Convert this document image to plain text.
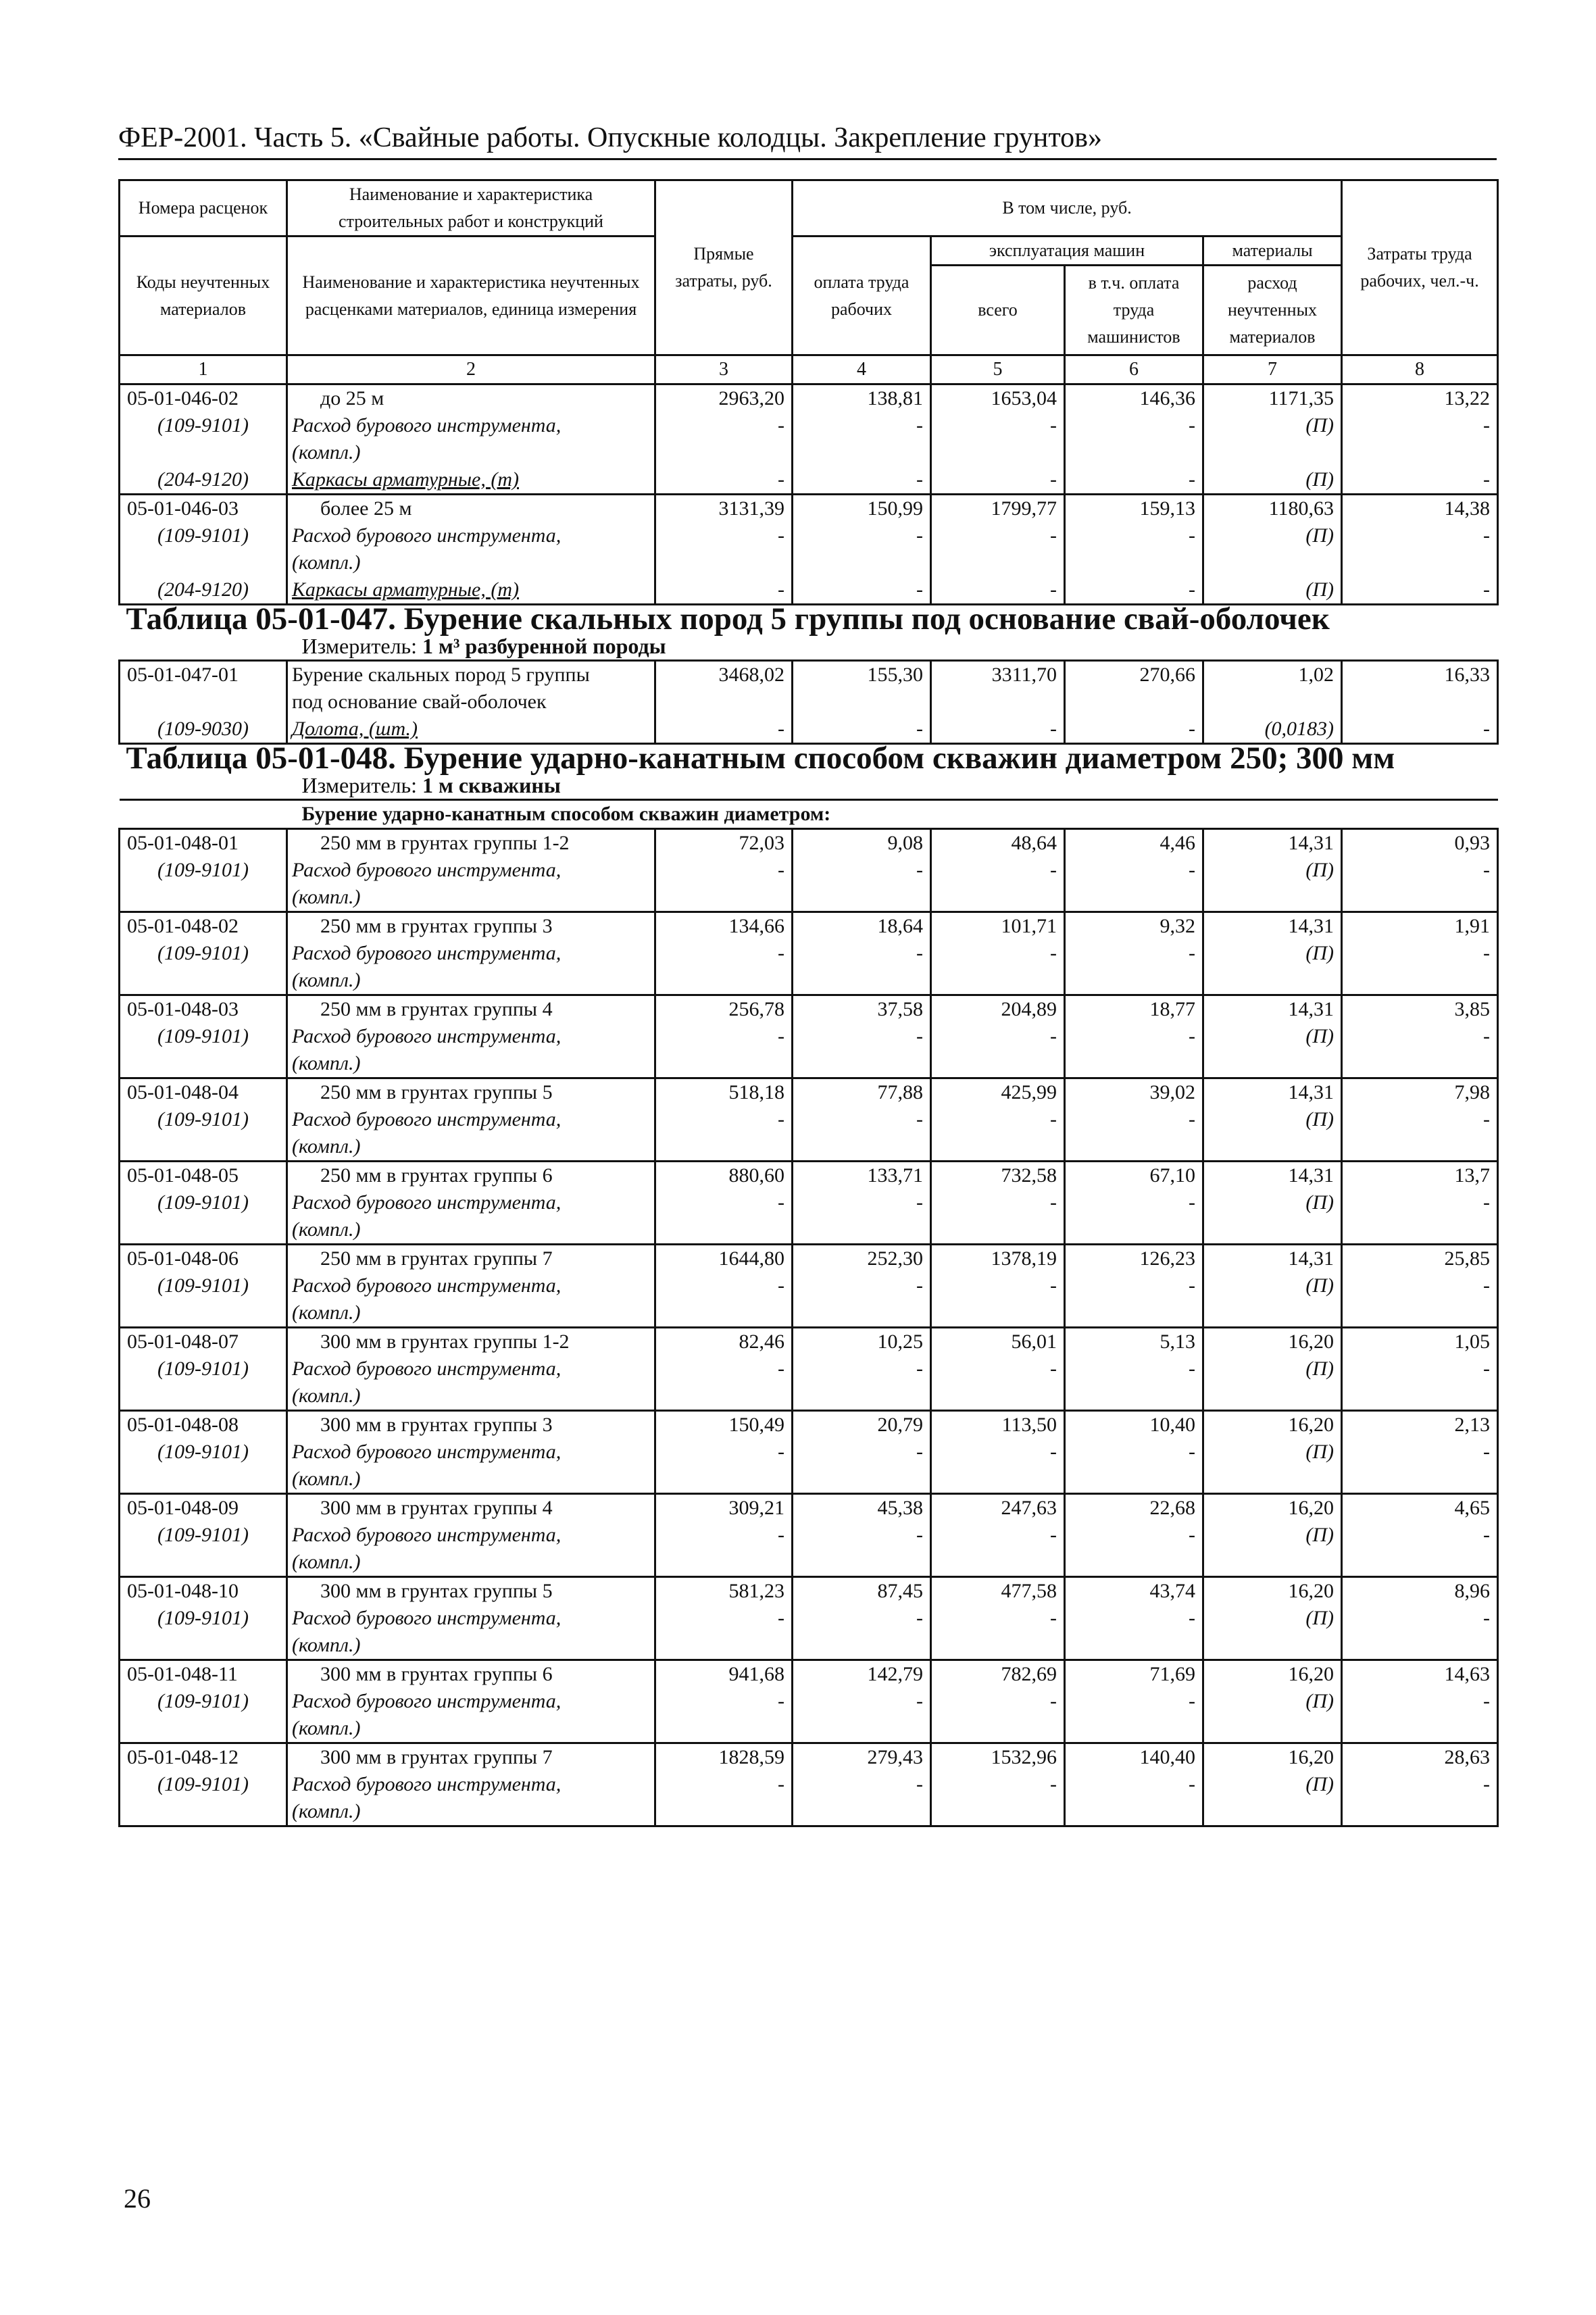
ФЕР-2001. Часть 5. «Свайные работы. Опускные колодцы. Закрепление грунтов»
Номера расценок	Наименование и характеристика строительных работ и конструкций	Прямые затраты, руб.	В том числе, руб.				Затраты труда рабочих, чел.-ч.
Коды неучтенных материалов	Наименование и характеристика неучтенных расценками материалов, единица измерения		оплата труда рабочих	эксплуатация машин		материалы	
				всего	в т.ч. оплата труда машинистов	расход неучтенных материалов	
1	2	3	4	5	6	7	8
05-01-046-02	до 25 м	2963,20	138,81	1653,04	146,36	1171,35	13,22
(109-9101)	Расход бурового инструмента,	-	-	-	-	(П)	-
	(компл.)						
(204-9120)	Каркасы арматурные, (т)	-	-	-	-	(П)	-
05-01-046-03	более 25 м	3131,39	150,99	1799,77	159,13	1180,63	14,38
(109-9101)	Расход бурового инструмента,	-	-	-	-	(П)	-
	(компл.)						
(204-9120)	Каркасы арматурные, (т)	-	-	-	-	(П)	-
Таблица 05-01-047. Бурение скальных пород 5 группы под основание свай-оболочек							
Измеритель: 1 м³ разбуренной породы							
05-01-047-01	Бурение скальных пород 5 группы	3468,02	155,30	3311,70	270,66	1,02	16,33
	под основание свай-оболочек						
(109-9030)	Долота, (шт.)	-	-	-	-	(0,0183)	-
Таблица 05-01-048. Бурение ударно-канатным способом скважин диаметром 250; 300 мм							
Измеритель: 1 м скважины							
Бурение ударно-канатным способом скважин диаметром:							
05-01-048-01	250 мм в грунтах группы 1-2	72,03	9,08	48,64	4,46	14,31	0,93
(109-9101)	Расход бурового инструмента,	-	-	-	-	(П)	-
	(компл.)						
05-01-048-02	250 мм в грунтах группы 3	134,66	18,64	101,71	9,32	14,31	1,91
(109-9101)	Расход бурового инструмента,	-	-	-	-	(П)	-
	(компл.)						
05-01-048-03	250 мм в грунтах группы 4	256,78	37,58	204,89	18,77	14,31	3,85
(109-9101)	Расход бурового инструмента,	-	-	-	-	(П)	-
	(компл.)						
05-01-048-04	250 мм в грунтах группы 5	518,18	77,88	425,99	39,02	14,31	7,98
(109-9101)	Расход бурового инструмента,	-	-	-	-	(П)	-
	(компл.)						
05-01-048-05	250 мм в грунтах группы 6	880,60	133,71	732,58	67,10	14,31	13,7
(109-9101)	Расход бурового инструмента,	-	-	-	-	(П)	-
	(компл.)						
05-01-048-06	250 мм в грунтах группы 7	1644,80	252,30	1378,19	126,23	14,31	25,85
(109-9101)	Расход бурового инструмента,	-	-	-	-	(П)	-
	(компл.)						
05-01-048-07	300 мм в грунтах группы 1-2	82,46	10,25	56,01	5,13	16,20	1,05
(109-9101)	Расход бурового инструмента,	-	-	-	-	(П)	-
	(компл.)						
05-01-048-08	300 мм в грунтах группы 3	150,49	20,79	113,50	10,40	16,20	2,13
(109-9101)	Расход бурового инструмента,	-	-	-	-	(П)	-
	(компл.)						
05-01-048-09	300 мм в грунтах группы 4	309,21	45,38	247,63	22,68	16,20	4,65
(109-9101)	Расход бурового инструмента,	-	-	-	-	(П)	-
	(компл.)						
05-01-048-10	300 мм в грунтах группы 5	581,23	87,45	477,58	43,74	16,20	8,96
(109-9101)	Расход бурового инструмента,	-	-	-	-	(П)	-
	(компл.)						
05-01-048-11	300 мм в грунтах группы 6	941,68	142,79	782,69	71,69	16,20	14,63
(109-9101)	Расход бурового инструмента,	-	-	-	-	(П)	-
	(компл.)						
05-01-048-12	300 мм в грунтах группы 7	1828,59	279,43	1532,96	140,40	16,20	28,63
(109-9101)	Расход бурового инструмента,	-	-	-	-	(П)	-
	(компл.)						
26
